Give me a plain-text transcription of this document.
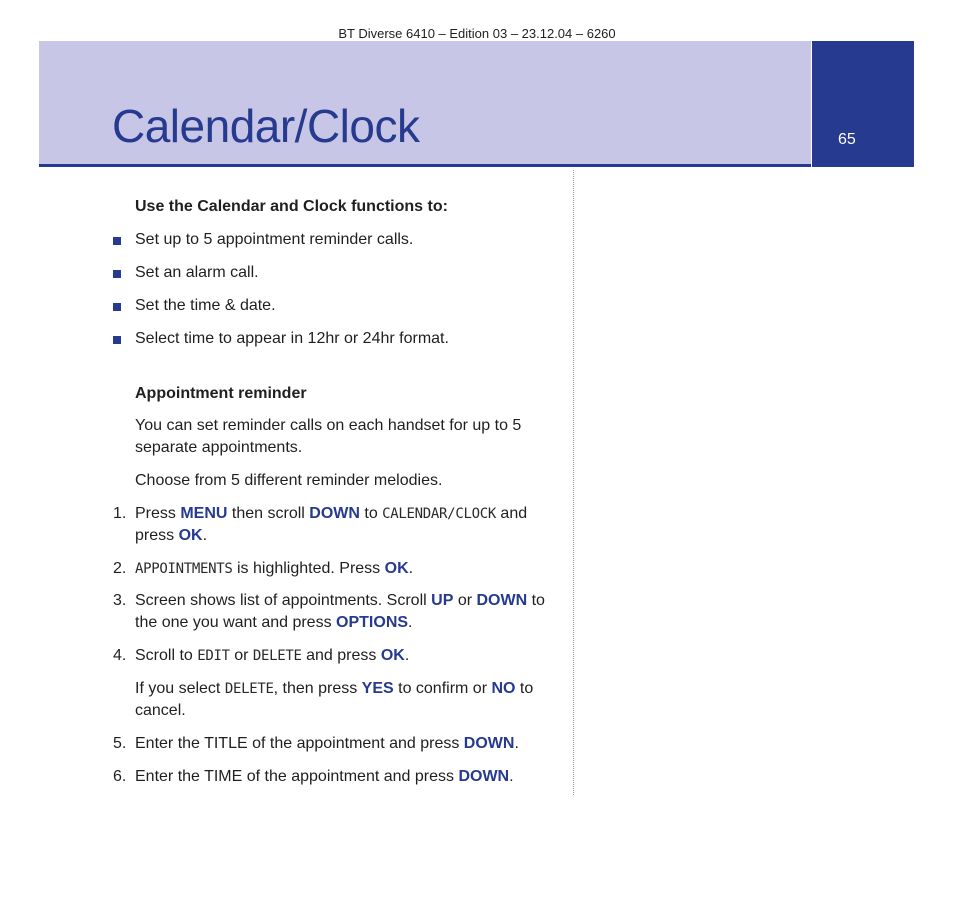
BT Diverse 6410 – Edition 03 – 23.12.04 – 6260
Calendar/Clock	65
Use the Calendar and Clock functions to:
Set up to 5 appointment reminder calls.
Set an alarm call.
Set the time & date.
Select time to appear in 12hr or 24hr format.
Appointment reminder

You can set reminder calls on each handset for up to 5 separate appointments.

Choose from 5 different reminder melodies.

1. Press MENU then scroll DOWN to CALENDAR/CLOCK and press OK.
2. APPOINTMENTS is highlighted. Press OK.
3. Screen shows list of appointments. Scroll UP or DOWN to the one you want and press OPTIONS.
4. Scroll to EDIT or DELETE and press OK.

If you select DELETE, then press YES to confirm or NO to cancel.

5. Enter the TITLE of the appointment and press DOWN.
6. Enter the TIME of the appointment and press DOWN.
